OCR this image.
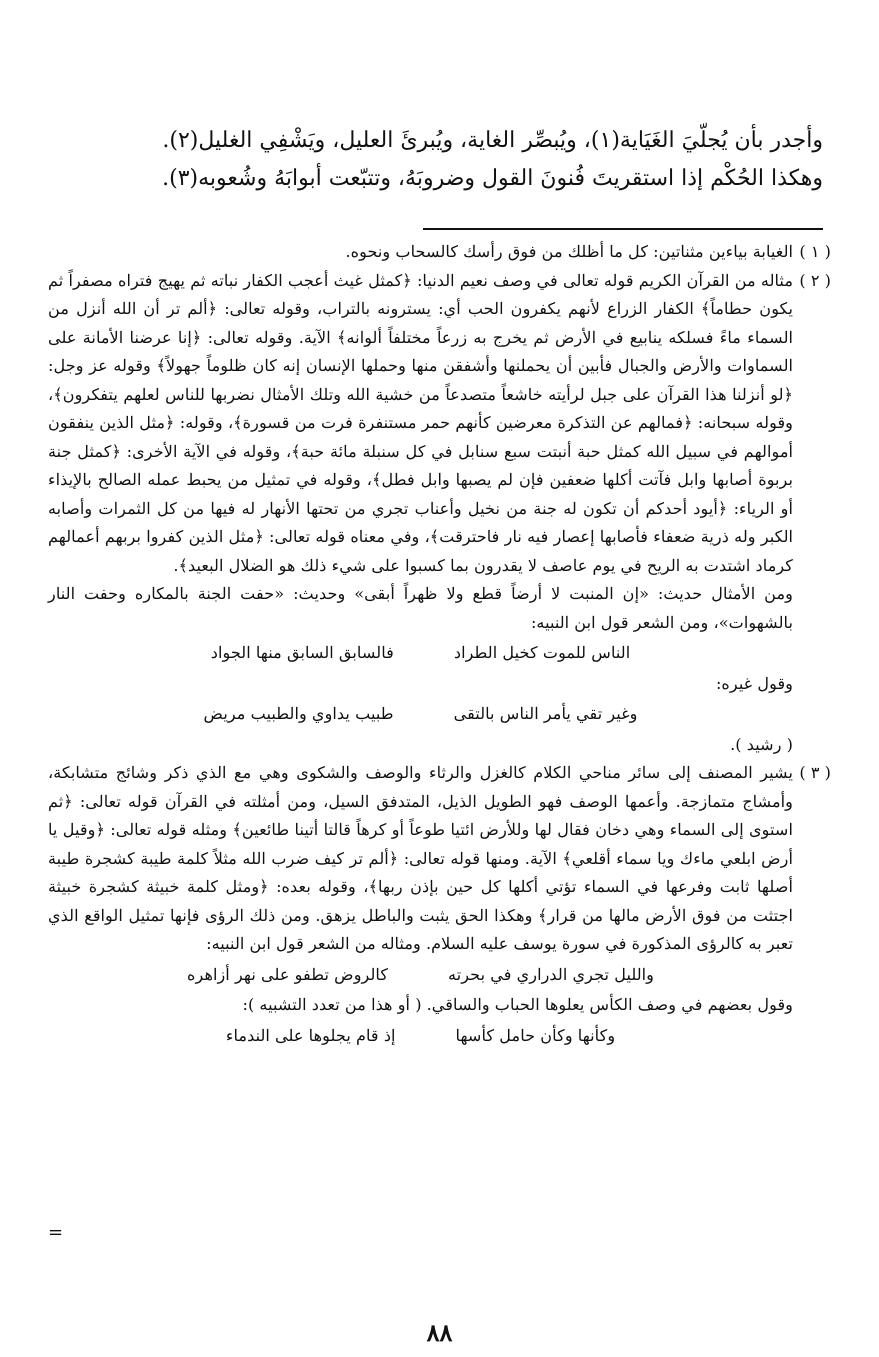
وأجدر بأن يُجلّيَ الغَيَاية(١)، ويُبصِّر الغاية، ويُبرئَ العليل، ويَشْفِي الغليل(٢).

وهكذا الحُكْم إذا استقريتَ فُنونَ القول وضروبَهُ، وتتبّعت أبوابَهُ وشُعوبه(٣).

( ١ )

الغيابة بياءين مثناتين: كل ما أظلك من فوق رأسك كالسحاب ونحوه.

( ٢ )

مثاله من القرآن الكريم قوله تعالى في وصف نعيم الدنيا: ﴿كمثل غيث أعجب الكفار نباته ثم يهيج فتراه مصفراً ثم يكون حطاماً﴾ الكفار الزراع لأنهم يكفرون الحب أي: يسترونه بالتراب، وقوله تعالى: ﴿ألم تر أن الله أنزل من السماء ماءً فسلكه ينابيع في الأرض ثم يخرج به زرعاً مختلفاً ألوانه﴾ الآية. وقوله تعالى: ﴿إنا عرضنا الأمانة على السماوات والأرض والجبال فأبين أن يحملنها وأشفقن منها وحملها الإنسان إنه كان ظلوماً جهولاً﴾ وقوله عز وجل: ﴿لو أنزلنا هذا القرآن على جبل لرأيته خاشعاً متصدعاً من خشية الله وتلك الأمثال نضربها للناس لعلهم يتفكرون﴾، وقوله سبحانه: ﴿فمالهم عن التذكرة معرضين كأنهم حمر مستنفرة فرت من قسورة﴾، وقوله: ﴿مثل الذين ينفقون أموالهم في سبيل الله كمثل حبة أنبتت سبع سنابل في كل سنبلة مائة حبة﴾، وقوله في الآية الأخرى: ﴿كمثل جنة بربوة أصابها وابل فآتت أكلها ضعفين فإن لم يصبها وابل فطل﴾، وقوله في تمثيل من يحبط عمله الصالح بالإيذاء أو الرياء: ﴿أيود أحدكم أن تكون له جنة من نخيل وأعناب تجري من تحتها الأنهار له فيها من كل الثمرات وأصابه الكبر وله ذرية ضعفاء فأصابها إعصار فيه نار فاحترقت﴾، وفي معناه قوله تعالى: ﴿مثل الذين كفروا بربهم أعمالهم كرماد اشتدت به الريح في يوم عاصف لا يقدرون بما كسبوا على شيء ذلك هو الضلال البعيد﴾.

ومن الأمثال حديث: «إن المنبت لا أرضاً قطع ولا ظهراً أبقى» وحديث: «حفت الجنة بالمكاره وحفت النار بالشهوات»، ومن الشعر قول ابن النبيه:

الناس للموت كخيل الطراد
فالسابق السابق منها الجواد

وقول غيره:

وغير تقي يأمر الناس بالتقى
طبيب يداوي والطبيب مريض

( رشيد ).

( ٣ )

يشير المصنف إلى سائر مناحي الكلام كالغزل والرثاء والوصف والشكوى وهي مع الذي ذكر وشائج متشابكة، وأمشاج متمازجة. وأعمها الوصف فهو الطويل الذيل، المتدفق السيل، ومن أمثلته في القرآن قوله تعالى: ﴿ثم استوى إلى السماء وهي دخان فقال لها وللأرض ائتيا طوعاً أو كرهاً قالتا أتينا طائعين﴾ ومثله قوله تعالى: ﴿وقيل يا أرض ابلعي ماءك ويا سماء أقلعي﴾ الآية. ومنها قوله تعالى: ﴿ألم تر كيف ضرب الله مثلاً كلمة طيبة كشجرة طيبة أصلها ثابت وفرعها في السماء تؤتي أكلها كل حين بإذن ربها﴾، وقوله بعده: ﴿ومثل كلمة خبيثة كشجرة خبيثة اجتثت من فوق الأرض مالها من قرار﴾ وهكذا الحق يثبت والباطل يزهق. ومن ذلك الرؤى فإنها تمثيل الواقع الذي تعبر به كالرؤى المذكورة في سورة يوسف عليه السلام. ومثاله من الشعر قول ابن النبيه:

والليل تجري الدراري في بحرته
كالروض تطفو على نهر أزاهره

وقول بعضهم في وصف الكأس يعلوها الحباب والساقي. ( أو هذا من تعدد التشبيه ):

وكأنها وكأن حامل كأسها
إذ قام يجلوها على الندماء
=
٨٨
